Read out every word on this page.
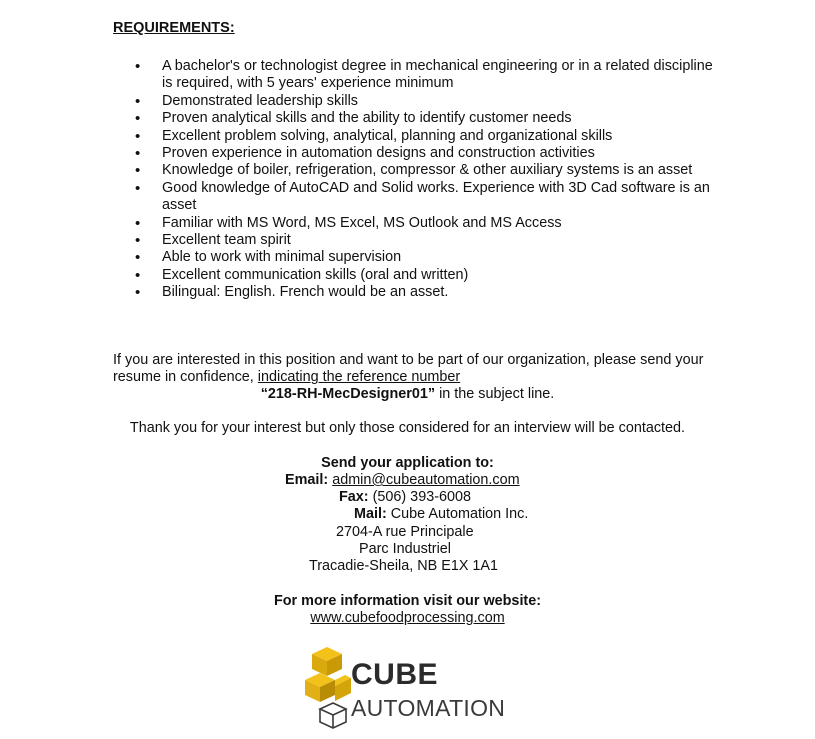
REQUIREMENTS:
• A bachelor's or technologist degree in mechanical engineering or in a related discipline is required, with 5 years' experience minimum
• Demonstrated leadership skills
• Proven analytical skills and the ability to identify customer needs
• Excellent problem solving, analytical, planning and organizational skills
• Proven experience in automation designs and construction activities
• Knowledge of boiler, refrigeration, compressor & other auxiliary systems is an asset
• Good knowledge of AutoCAD and Solid works. Experience with 3D Cad software is an asset
• Familiar with MS Word, MS Excel, MS Outlook and MS Access
• Excellent team spirit
• Able to work with minimal supervision
• Excellent communication skills (oral and written)
• Bilingual: English. French would be an asset.

If you are interested in this position and want to be part of our organization, please send your resume in confidence, indicating the reference number

“218-RH-MecDesigner01” in the subject line.

Thank you for your interest but only those considered for an interview will be contacted.

Send your application to:

Email: admin@cubeautomation.com

Fax: (506) 393-6008

Mail: Cube Automation Inc.

2704-A rue Principale

Parc Industriel

Tracadie-Sheila, NB E1X 1A1

For more information visit our website:

www.cubefoodprocessing.com

CUBE
AUTOMATION
